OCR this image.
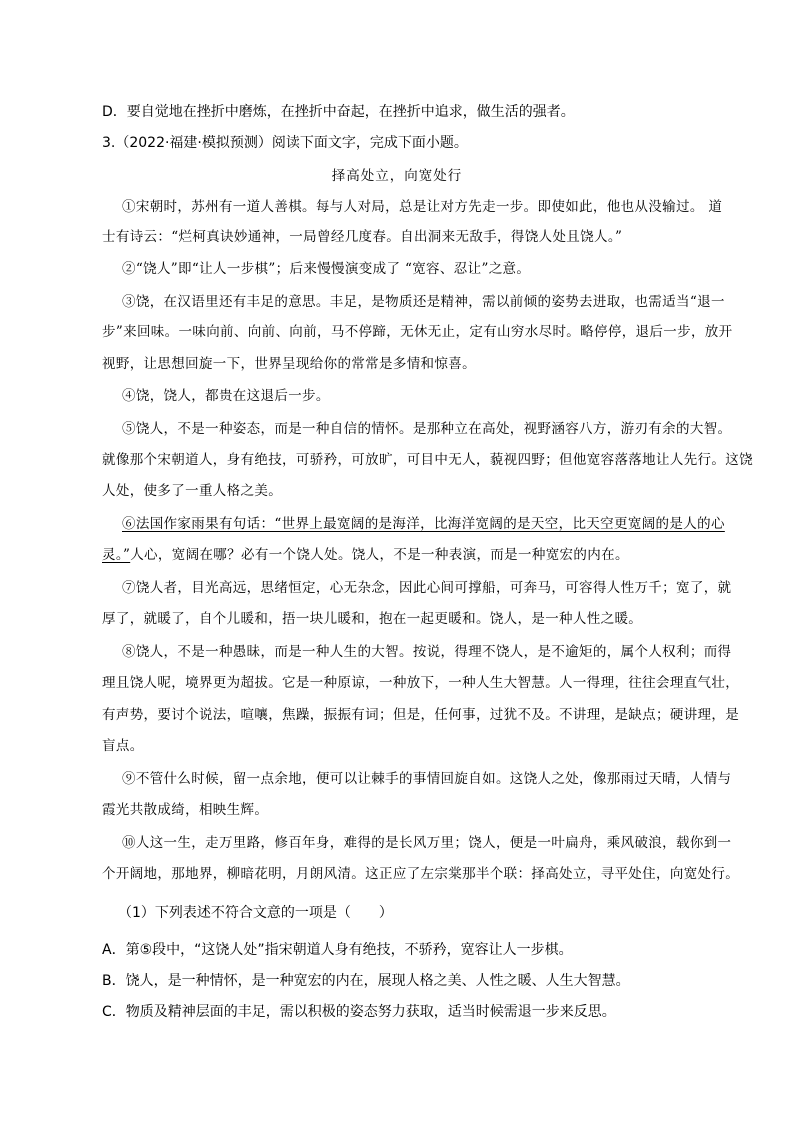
D．要自觉地在挫折中磨炼，在挫折中奋起，在挫折中追求，做生活的强者。
3.（2022·福建·模拟预测）阅读下面文字，完成下面小题。
择高处立，向宽处行
①宋朝时，苏州有一道人善棋。每与人对局，总是让对方先走一步。即使如此，他也从没输过。 道
士有诗云：“烂柯真诀妙通神，一局曾经几度春。自出洞来无敌手，得饶人处且饶人。”
②“饶人”即“让人一步棋”；后来慢慢演变成了 “宽容、忍让”之意。
③饶，在汉语里还有丰足的意思。丰足，是物质还是精神，需以前倾的姿势去进取，也需适当“退一
步”来回味。一味向前、向前、向前，马不停蹄，无休无止，定有山穷水尽时。略停停，退后一步，放开
视野，让思想回旋一下，世界呈现给你的常常是多情和惊喜。
④饶，饶人，都贵在这退后一步。
⑤饶人，不是一种姿态，而是一种自信的情怀。是那种立在高处，视野涵容八方，游刃有余的大智。
就像那个宋朝道人，身有绝技，可骄矜，可放旷，可目中无人，藐视四野；但他宽容落落地让人先行。这饶
人处，使多了一重人格之美。
⑥法国作家雨果有句话：“世界上最宽阔的是海洋，比海洋宽阔的是天空，比天空更宽阔的是人的心
灵。”人心，宽阔在哪？必有一个饶人处。饶人，不是一种表演，而是一种宽宏的内在。
⑦饶人者，目光高远，思绪恒定，心无杂念，因此心间可撑船，可奔马，可容得人性万千；宽了，就
厚了，就暖了，自个儿暖和，捂一块儿暖和，抱在一起更暖和。饶人，是一种人性之暖。
⑧饶人，不是一种愚昧，而是一种人生的大智。按说，得理不饶人，是不逾矩的，属个人权利；而得
理且饶人呢，境界更为超拔。它是一种原谅，一种放下，一种人生大智慧。人一得理，往往会理直气壮，
有声势，要讨个说法，喧嚷，焦躁，振振有词；但是，任何事，过犹不及。不讲理，是缺点；硬讲理，是
盲点。
⑨不管什么时候，留一点余地，便可以让棘手的事情回旋自如。这饶人之处，像那雨过天晴，人情与
霞光共散成绮，相映生辉。
⑩人这一生，走万里路，修百年身，难得的是长风万里；饶人，便是一叶扁舟，乘风破浪，载你到一
个开阔地，那地界，柳暗花明，月朗风清。这正应了左宗棠那半个联：择高处立，寻平处住，向宽处行。
（1）下列表述不符合文意的一项是（　　）
A．第⑤段中，“这饶人处”指宋朝道人身有绝技，不骄矜，宽容让人一步棋。
B．饶人，是一种情怀，是一种宽宏的内在，展现人格之美、人性之暖、人生大智慧。
C．物质及精神层面的丰足，需以积极的姿态努力获取，适当时候需退一步来反思。
